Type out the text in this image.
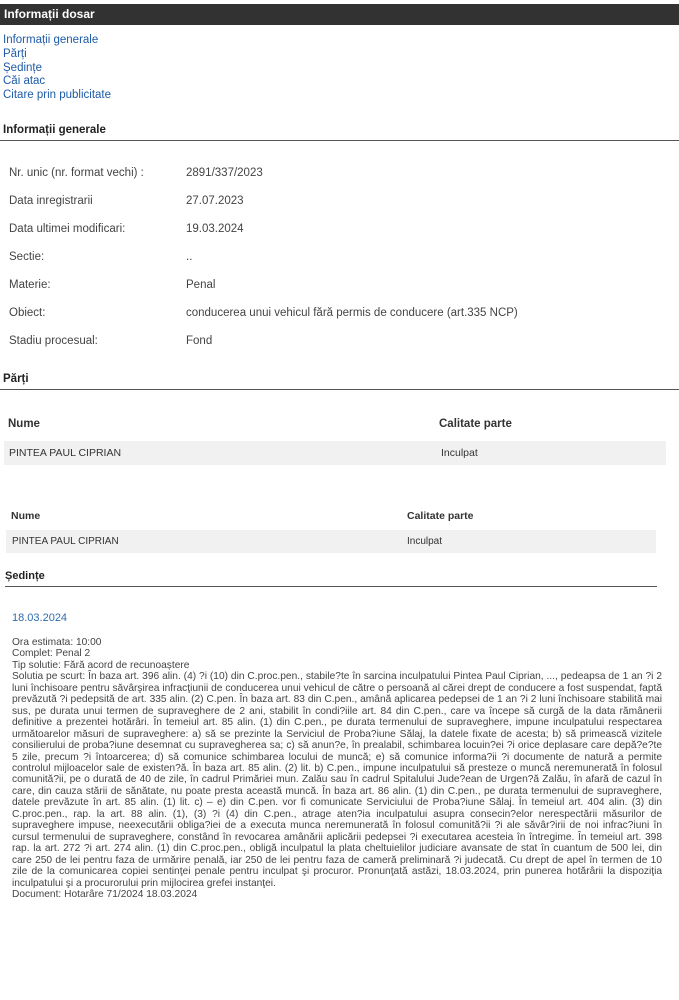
Informații dosar
Informații generale
Părți
Ședințe
Căi atac
Citare prin publicitate
Informații generale
Nr. unic (nr. format vechi) :	2891/337/2023
Data inregistrarii	27.07.2023
Data ultimei modificari:	19.03.2024
Sectie:	..
Materie:	Penal
Obiect:	conducerea unui vehicul fără permis de conducere (art.335 NCP)
Stadiu procesual:	Fond
Părți
Nume	Calitate parte
PINTEA PAUL CIPRIAN	Inculpat
Nume	Calitate parte
PINTEA PAUL CIPRIAN	Inculpat
Ședințe
18.03.2024
Ora estimata: 10:00
Complet: Penal 2
Tip solutie: Fără acord de recunoaștere
Solutia pe scurt: În baza art. 396 alin. (4) ?i (10) din C.proc.pen., stabile?te în sarcina inculpatului Pintea Paul Ciprian, ..., pedeapsa de 1 an ?i 2 luni închisoare pentru săvârşirea infracţiunii de conducerea unui vehicul de către o persoană al cărei drept de conducere a fost suspendat, faptă prevăzută ?i pedepsită de art. 335 alin. (2) C.pen. În baza art. 83 din C.pen., amână aplicarea pedepsei de 1 an ?i 2 luni închisoare stabilită mai sus, pe durata unui termen de supraveghere de 2 ani, stabilit în condi?iile art. 84 din C.pen., care va începe să curgă de la data rămânerii definitive a prezentei hotărâri. În temeiul art. 85 alin. (1) din C.pen., pe durata termenului de supraveghere, impune inculpatului respectarea următoarelor măsuri de supraveghere: a) să se prezinte la Serviciul de Proba?iune Sălaj, la datele fixate de acesta; b) să primească vizitele consilierului de proba?iune desemnat cu supravegherea sa; c) să anun?e, în prealabil, schimbarea locuin?ei ?i orice deplasare care depă?e?te 5 zile, precum ?i întoarcerea; d) să comunice schimbarea locului de muncă; e) să comunice informa?ii ?i documente de natură a permite controlul mijloacelor sale de existen?ă. În baza art. 85 alin. (2) lit. b) C.pen., impune inculpatului să presteze o muncă neremunerată în folosul comunită?ii, pe o durată de 40 de zile, în cadrul Primăriei mun. Zalău sau în cadrul Spitalului Jude?ean de Urgen?ă Zalău, în afară de cazul în care, din cauza stării de sănătate, nu poate presta această muncă. În baza art. 86 alin. (1) din C.pen., pe durata termenului de supraveghere, datele prevăzute în art. 85 alin. (1) lit. c) – e) din C.pen. vor fi comunicate Serviciului de Proba?iune Sălaj. În temeiul art. 404 alin. (3) din C.proc.pen., rap. la art. 88 alin. (1), (3) ?i (4) din C.pen., atrage aten?ia inculpatului asupra consecin?elor nerespectării măsurilor de supraveghere impuse, neexecutării obliga?iei de a executa munca neremunerată în folosul comunită?ii ?i ale săvâr?irii de noi infrac?iuni în cursul termenului de supraveghere, constând în revocarea amânării aplicării pedepsei ?i executarea acesteia în întregime. În temeiul art. 398 rap. la art. 272 ?i art. 274 alin. (1) din C.proc.pen., obligă inculpatul la plata cheltuielilor judiciare avansate de stat în cuantum de 500 lei, din care 250 de lei pentru faza de urmărire penală, iar 250 de lei pentru faza de cameră preliminară ?i judecată. Cu drept de apel în termen de 10 zile de la comunicarea copiei sentinţei penale pentru inculpat şi procuror. Pronunţată astăzi, 18.03.2024, prin punerea hotărârii la dispoziţia inculpatului şi a procurorului prin mijlocirea grefei instanţei.
Document: Hotarâre 71/2024 18.03.2024
